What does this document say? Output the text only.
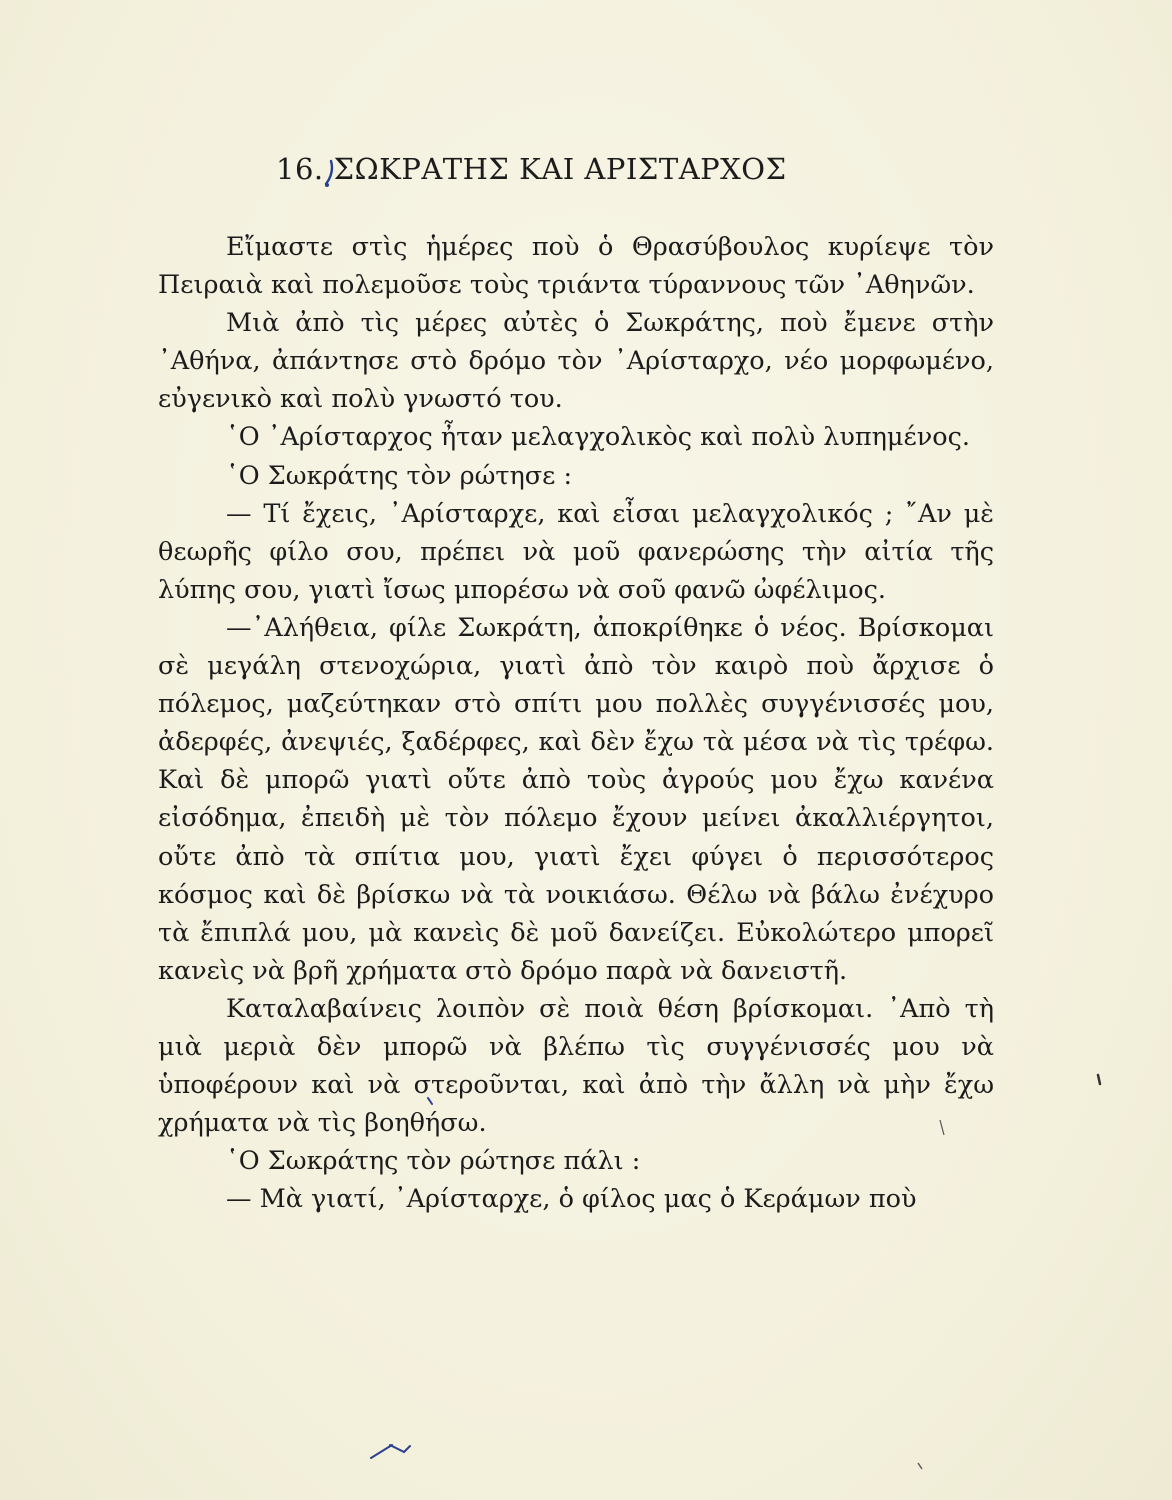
16. ΣΩΚΡΑΤΗΣ ΚΑΙ ΑΡΙΣΤΑΡΧΟΣ

Εἴμαστε στὶς ἡμέρες ποὺ ὁ Θρασύβουλος κυρίεψε τὸν Πειραιὰ καὶ πολεμοῦσε τοὺς τριάντα τύραννους τῶν ᾿Αθηνῶν.

Μιὰ ἀπὸ τὶς μέρες αὐτὲς ὁ Σωκράτης, ποὺ ἔμενε στὴν ᾿Αθήνα, ἀπάντησε στὸ δρόμο τὸν ᾿Αρίσταρχο, νέο μορφωμένο, εὐγενικὸ καὶ πολὺ γνωστό του.

῾Ο ᾿Αρίσταρχος ἦταν μελαγχολικὸς καὶ πολὺ λυπημένος.

῾Ο Σωκράτης τὸν ρώτησε :

— Τί ἔχεις, ᾿Αρίσταρχε, καὶ εἶσαι μελαγχολικός ; ῎Αν μὲ θεωρῆς φίλο σου, πρέπει νὰ μοῦ φανερώσης τὴν αἰτία τῆς λύπης σου, γιατὶ ἴσως μπορέσω νὰ σοῦ φανῶ ὠφέλιμος.

—᾿Αλήθεια, φίλε Σωκράτη, ἀποκρίθηκε ὁ νέος. Βρίσκομαι σὲ μεγάλη στενοχώρια, γιατὶ ἀπὸ τὸν καιρὸ ποὺ ἄρχισε ὁ πόλεμος, μαζεύτηκαν στὸ σπίτι μου πολλὲς συγγένισσές μου, ἀδερφές, ἀνεψιές, ξαδέρφες, καὶ δὲν ἔχω τὰ μέσα νὰ τὶς τρέφω. Καὶ δὲ μπορῶ γιατὶ οὔτε ἀπὸ τοὺς ἀγρούς μου ἔχω κανένα εἰσόδημα, ἐπειδὴ μὲ τὸν πόλεμο ἔχουν μείνει ἀκαλλιέργητοι, οὔτε ἀπὸ τὰ σπίτια μου, γιατὶ ἔχει φύγει ὁ περισσότερος κόσμος καὶ δὲ βρίσκω νὰ τὰ νοικιάσω. Θέλω νὰ βάλω ἐνέχυρο τὰ ἔπιπλά μου, μὰ κανεὶς δὲ μοῦ δανείζει. Εὐκολώτερο μπορεῖ κανεὶς νὰ βρῆ χρήματα στὸ δρόμο παρὰ νὰ δανειστῆ.

Καταλαβαίνεις λοιπὸν σὲ ποιὰ θέση βρίσκομαι. ᾿Απὸ τὴ μιὰ μεριὰ δὲν μπορῶ νὰ βλέπω τὶς συγγένισσές μου νὰ ὑποφέρουν καὶ νὰ στεροῦνται, καὶ ἀπὸ τὴν ἄλλη νὰ μὴν ἔχω χρήματα νὰ τὶς βοηθήσω.

῾Ο Σωκράτης τὸν ρώτησε πάλι :

— Μὰ γιατί, ᾿Αρίσταρχε, ὁ φίλος μας ὁ Κεράμων ποὺ
